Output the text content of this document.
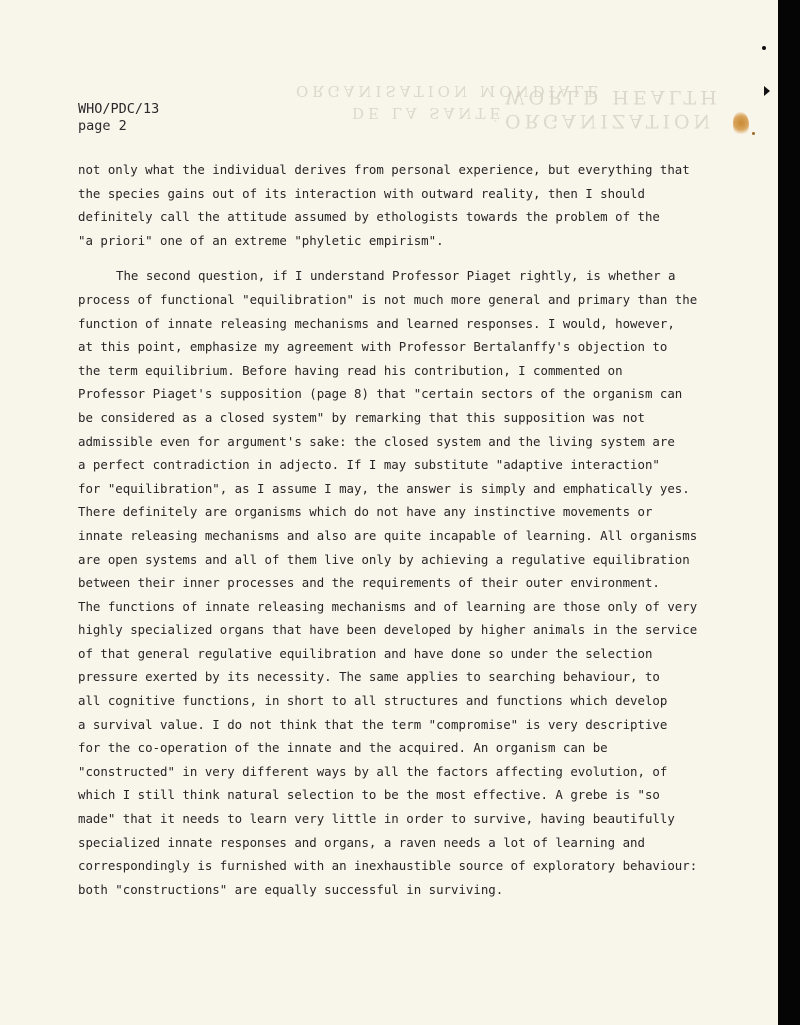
ORGANISATION MONDIALE
DE LA SANTÉ
WORLD HEALTH
ORGANIZATION
WHO/PDC/13
page 2
not only what the individual derives from personal experience, but everything that
the species gains out of its interaction with outward reality, then I should
definitely call the attitude assumed by ethologists towards the problem of the
"a priori" one of an extreme "phyletic empirism".
The second question, if I understand Professor Piaget rightly, is whether a
process of functional "equilibration" is not much more general and primary than the
function of innate releasing mechanisms and learned responses. I would, however,
at this point, emphasize my agreement with Professor Bertalanffy's objection to
the term equilibrium. Before having read his contribution, I commented on
Professor Piaget's supposition (page 8) that "certain sectors of the organism can
be considered as a closed system" by remarking that this supposition was not
admissible even for argument's sake: the closed system and the living system are
a perfect contradiction in adjecto. If I may substitute "adaptive interaction"
for "equilibration", as I assume I may, the answer is simply and emphatically yes.
There definitely are organisms which do not have any instinctive movements or
innate releasing mechanisms and also are quite incapable of learning. All organisms
are open systems and all of them live only by achieving a regulative equilibration
between their inner processes and the requirements of their outer environment.
The functions of innate releasing mechanisms and of learning are those only of very
highly specialized organs that have been developed by higher animals in the service
of that general regulative equilibration and have done so under the selection
pressure exerted by its necessity. The same applies to searching behaviour, to
all cognitive functions, in short to all structures and functions which develop
a survival value. I do not think that the term "compromise" is very descriptive
for the co-operation of the innate and the acquired. An organism can be
"constructed" in very different ways by all the factors affecting evolution, of
which I still think natural selection to be the most effective. A grebe is "so
made" that it needs to learn very little in order to survive, having beautifully
specialized innate responses and organs, a raven needs a lot of learning and
correspondingly is furnished with an inexhaustible source of exploratory behaviour:
both "constructions" are equally successful in surviving.
